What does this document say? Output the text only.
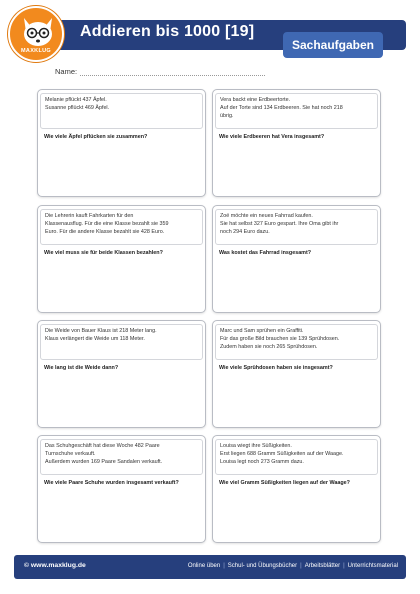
MAXKLUG
Addieren bis 1000 [19]
Sachaufgaben
Name:
Melanie pflückt 437 Äpfel.
Susanne pflückt 469 Äpfel.
Wie viele Äpfel pflücken sie zusammen?
Vera backt eine Erdbeertorte.
Auf der Torte sind 134 Erdbeeren. Sie hat noch 218
übrig.
Wie viele Erdbeeren hat Vera insgesamt?
Die Lehrerin kauft Fahrkarten für den
Klassenausflug. Für die eine Klasse bezahlt sie 359
Euro. Für die andere Klasse bezahlt sie 428 Euro.
Wie viel muss sie für beide Klassen bezahlen?
Zoë möchte ein neues Fahrrad kaufen.
Sie hat selbst 327 Euro gespart. Ihre Oma gibt ihr
noch 294 Euro dazu.
Was kostet das Fahrrad insgesamt?
Die Weide von Bauer Klaus ist 218 Meter lang.
Klaus verlängert die Weide um 118 Meter.
Wie lang ist die Weide dann?
Marc und Sam sprühen ein Graffiti.
Für das große Bild brauchen sie 139 Sprühdosen.
Zudem haben sie noch 265 Sprühdosen.
Wie viele Sprühdosen haben sie insgesamt?
Das Schuhgeschäft hat diese Woche 482 Paare
Turnschuhe verkauft.
Außerdem wurden 169 Paare Sandalen verkauft.
Wie viele Paare Schuhe wurden insgesamt verkauft?
Louisa wiegt ihre Süßigkeiten.
Erst liegen 688 Gramm Süßigkeiten auf der Waage.
Louisa legt noch 273 Gramm dazu.
Wie viel Gramm Süßigkeiten liegen auf der Waage?
© www.maxklug.de	Online üben | Schul- und Übungsbücher | Arbeitsblätter | Unterrichtsmaterial
